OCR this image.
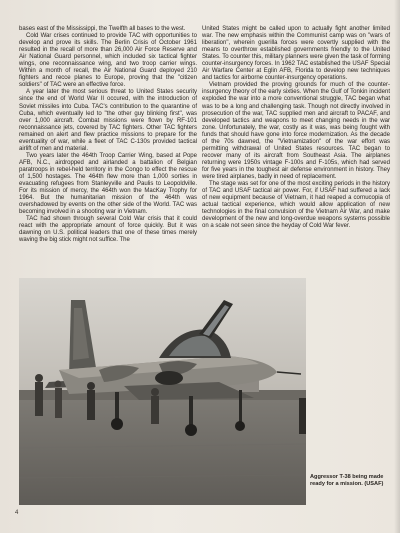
bases east of the Mississippi, the Twelfth all bases to the west.

Cold War crises continued to provide TAC with opportunities to develop and prove its skills. The Berlin Crisis of October 1961 resulted in the recall of more than 26,000 Air Force Reserve and Air National Guard personnel, which included six tactical fighter wings, one reconnaissance wing, and two troop carrier wings. Within a month of recall, the Air National Guard deployed 210 fighters and recce planes to Europe, proving that the "citizen soldiers" of TAC were an effective force.

A year later the most serious threat to United States security since the end of World War II occured, with the introduction of Soviet missiles into Cuba. TAC's contribution to the quarantine of Cuba, which eventually led to "the other guy blinking first", was over 1,000 aircraft. Combat missions were flown by RF-101 reconnaissance jets, covered by TAC fighters. Other TAC fighters remained on alert and flew practice missions to prepare for the eventuality of war, while a fleet of TAC C-130s provided tactical airlift of men and material.

Two years later the 464th Troop Carrier Wing, based at Pope AFB, N.C., airdropped and airlanded a battalion of Belgian paratroops in rebel-held territory in the Congo to effect the rescue of 1,500 hostages. The 464th flew more than 1,000 sorties in evacuating refugees from Stanleyville and Paulis to Leopoldville. For its mission of mercy, the 464th won the MacKay Trophy for 1964. But the humanitarian mission of the 464th was overshadowed by events on the other side of the World. TAC was becoming involved in a shooting war in Vietnam.

TAC had shown through several Cold War crisis that it could react with the appropriate amount of force quickly. But it was dawning on U.S. political leaders that one of these times merely waving the big stick might not suffice. The

United States might be called upon to actually fight another limited war. The new emphasis within the Communist camp was on "wars of liberation", wherein guerilla forces were covertly supplied with the means to overthrow established governments friendly to the United States. To counter this, military planners were given the task of forming counter-insurgency forces. In 1962 TAC established the USAF Special Air Warfare Center at Eglin AFB, Florida to develop new techniques and tactics for airborne counter-insurgency operations.

Vietnam provided the proving grounds for much of the counter-insurgency theory of the early sixties. When the Gulf of Tonkin incident exploded the war into a more conventional struggle, TAC began what was to be a long and challenging task. Though not directly involved in prosecution of the war, TAC supplied men and aircraft to PACAF, and developed tactics and weapons to meet changing needs in the war zone. Unfortunately, the war, costly as it was, was being fought with funds that should have gone into force modernization. As the decade of the 70s dawned, the "Vietnamization" of the war effort was permitting withdrawal of United States resources. TAC began to recover many of its aircraft from Southeast Asia. The airplanes returning were 1950s vintage F-100s and F-105s, which had served for five years in the toughest air defense environment in history. They were tired airplanes, badly in need of replacement.

The stage was set for one of the most exciting periods in the history of TAC and USAF tactical air power. For, if USAF had suffered a lack of new equipment because of Vietnam, it had reaped a cornucopia of actual tactical experience, which would allow application of new technologies in the final convulsion of the Vietnam Air War, and make development of the new and long-overdue weapons systems possible on a scale not seen since the heyday of Cold War fever.

Aggressor T-38 being made ready for a mission. (USAF)
4
